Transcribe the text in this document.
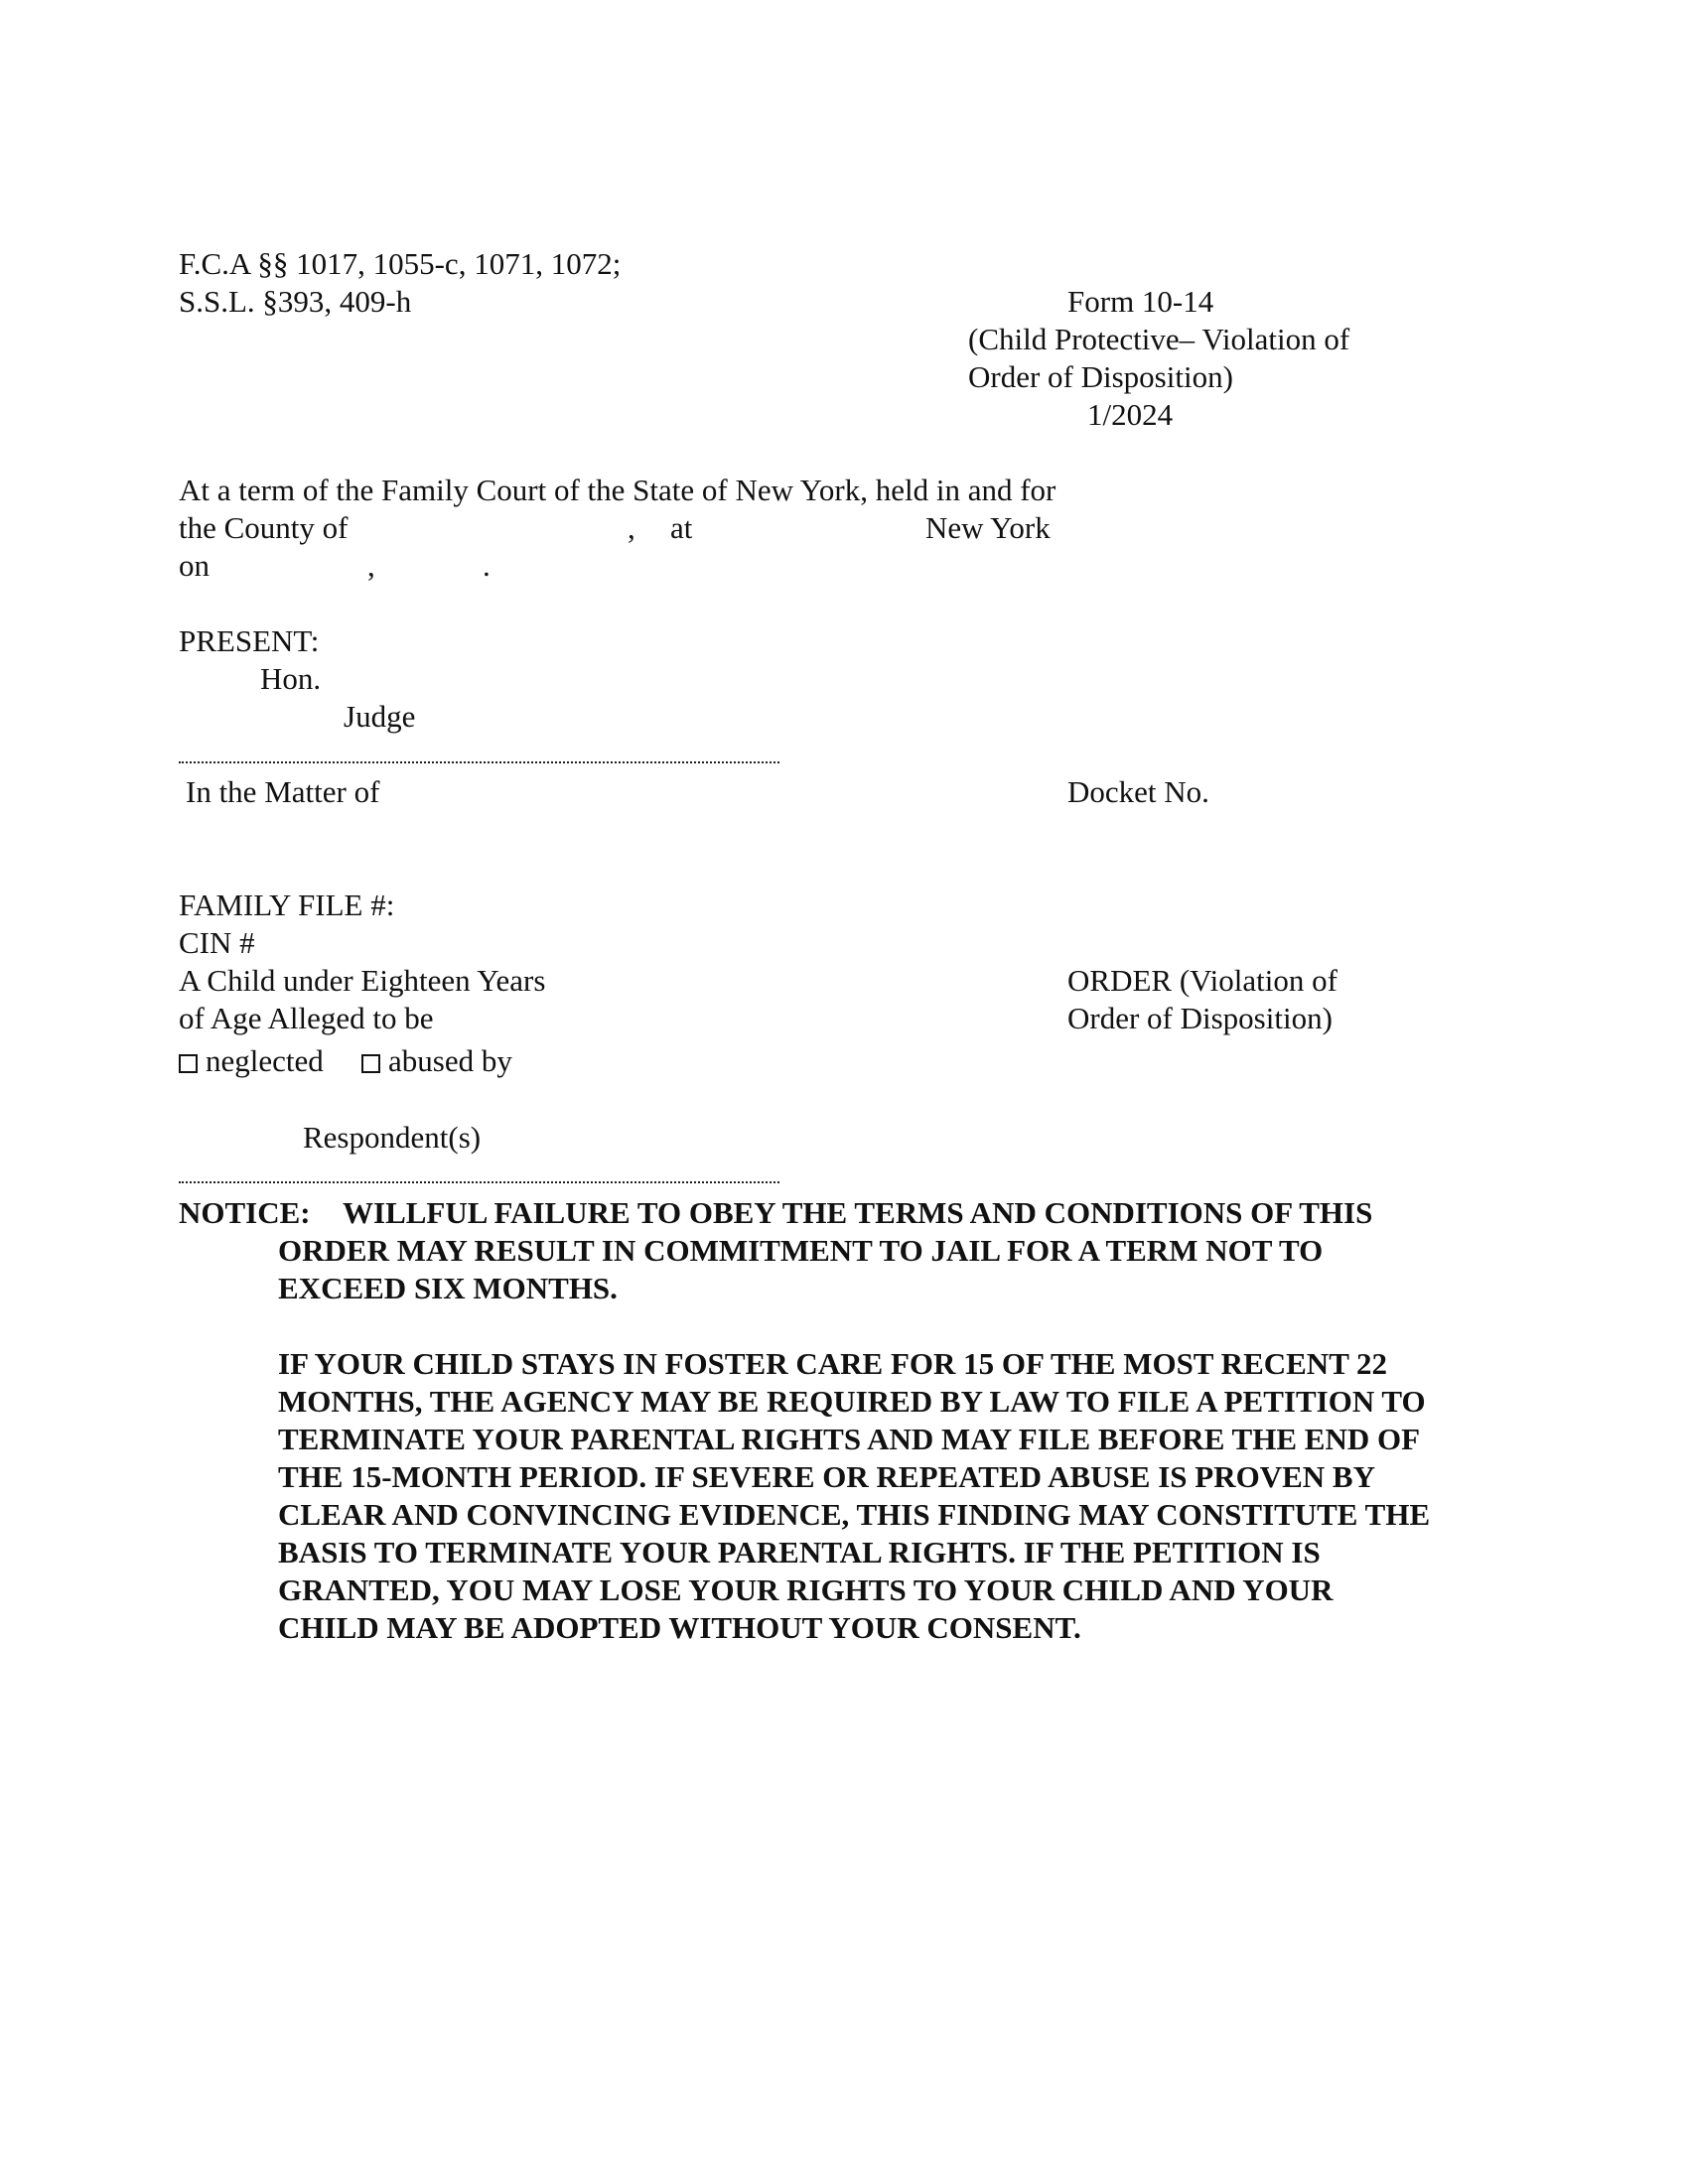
F.C.A §§ 1017, 1055-c, 1071, 1072;
S.S.L. §393, 409-h	Form 10-14
(Child Protective– Violation of
Order of Disposition)
1/2024
At a term of the Family Court of the State of New York, held in and for
the County of	, at	New York
on	,	.
PRESENT:
Hon.
Judge
In the Matter of	Docket No.
FAMILY FILE #:
CIN #
A Child under Eighteen Years
of Age Alleged to be
neglected	abused by
ORDER (Violation of
Order of Disposition)
Respondent(s)
NOTICE: WILLFUL FAILURE TO OBEY THE TERMS AND CONDITIONS OF THIS
ORDER MAY RESULT IN COMMITMENT TO JAIL FOR A TERM NOT TO
EXCEED SIX MONTHS.
IF YOUR CHILD STAYS IN FOSTER CARE FOR 15 OF THE MOST RECENT 22
MONTHS, THE AGENCY MAY BE REQUIRED BY LAW TO FILE A PETITION TO
TERMINATE YOUR PARENTAL RIGHTS AND MAY FILE BEFORE THE END OF
THE 15-MONTH PERIOD. IF SEVERE OR REPEATED ABUSE IS PROVEN BY
CLEAR AND CONVINCING EVIDENCE, THIS FINDING MAY CONSTITUTE THE
BASIS TO TERMINATE YOUR PARENTAL RIGHTS. IF THE PETITION IS
GRANTED, YOU MAY LOSE YOUR RIGHTS TO YOUR CHILD AND YOUR
CHILD MAY BE ADOPTED WITHOUT YOUR CONSENT.
